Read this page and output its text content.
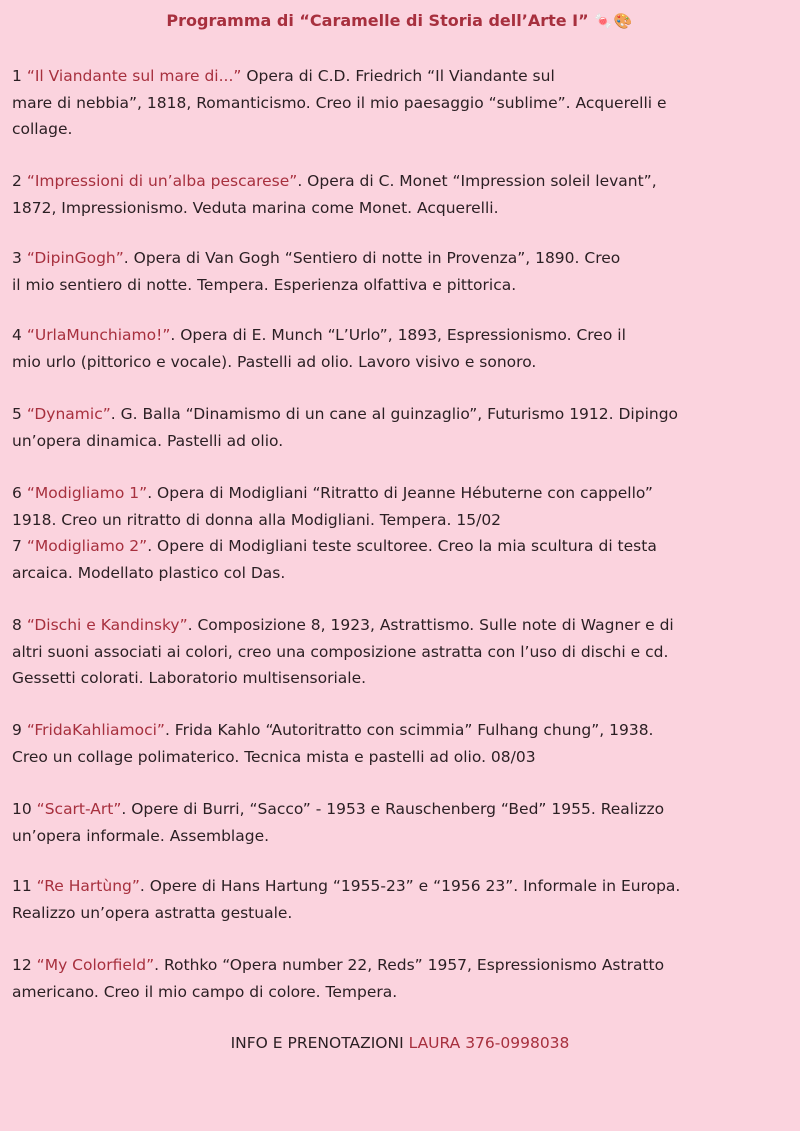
Programma di “Caramelle di Storia dell’Arte I” 🍬🎨
1 “Il Viandante sul mare di...” Opera di C.D. Friedrich “Il Viandante sul
mare di nebbia”, 1818, Romanticismo. Creo il mio paesaggio “sublime”. Acquerelli e
collage.
2 “Impressioni di un’alba pescarese”. Opera di C. Monet “Impression soleil levant”,
1872, Impressionismo. Veduta marina come Monet. Acquerelli.
3 “DipinGogh”. Opera di Van Gogh “Sentiero di notte in Provenza”, 1890. Creo
il mio sentiero di notte. Tempera. Esperienza olfattiva e pittorica.
4 “UrlaMunchiamo!”. Opera di E. Munch “L’Urlo”, 1893, Espressionismo. Creo il
mio urlo (pittorico e vocale). Pastelli ad olio. Lavoro visivo e sonoro.
5 “Dynamic”. G. Balla “Dinamismo di un cane al guinzaglio”, Futurismo 1912. Dipingo
un’opera dinamica. Pastelli ad olio.
6 “Modigliamo 1”. Opera di Modigliani “Ritratto di Jeanne Hébuterne con cappello”
1918. Creo un ritratto di donna alla Modigliani. Tempera. 15/02
7 “Modigliamo 2”. Opere di Modigliani teste scultoree. Creo la mia scultura di testa
arcaica. Modellato plastico col Das.
8 “Dischi e Kandinsky”. Composizione 8, 1923, Astrattismo. Sulle note di Wagner e di
altri suoni associati ai colori, creo una composizione astratta con l’uso di dischi e cd.
Gessetti colorati. Laboratorio multisensoriale.
9 “FridaKahliamoci”. Frida Kahlo “Autoritratto con scimmia” Fulhang chung”, 1938.
Creo un collage polimaterico. Tecnica mista e pastelli ad olio. 08/03
10 “Scart-Art”. Opere di Burri, “Sacco” - 1953 e Rauschenberg “Bed” 1955. Realizzo
un’opera informale. Assemblage.
11 “Re Hartùng”. Opere di Hans Hartung “1955-23” e “1956 23”. Informale in Europa.
Realizzo un’opera astratta gestuale.
12 “My Colorfield”. Rothko “Opera number 22, Reds” 1957, Espressionismo Astratto
americano. Creo il mio campo di colore. Tempera.
INFO E PRENOTAZIONI LAURA 376-0998038
